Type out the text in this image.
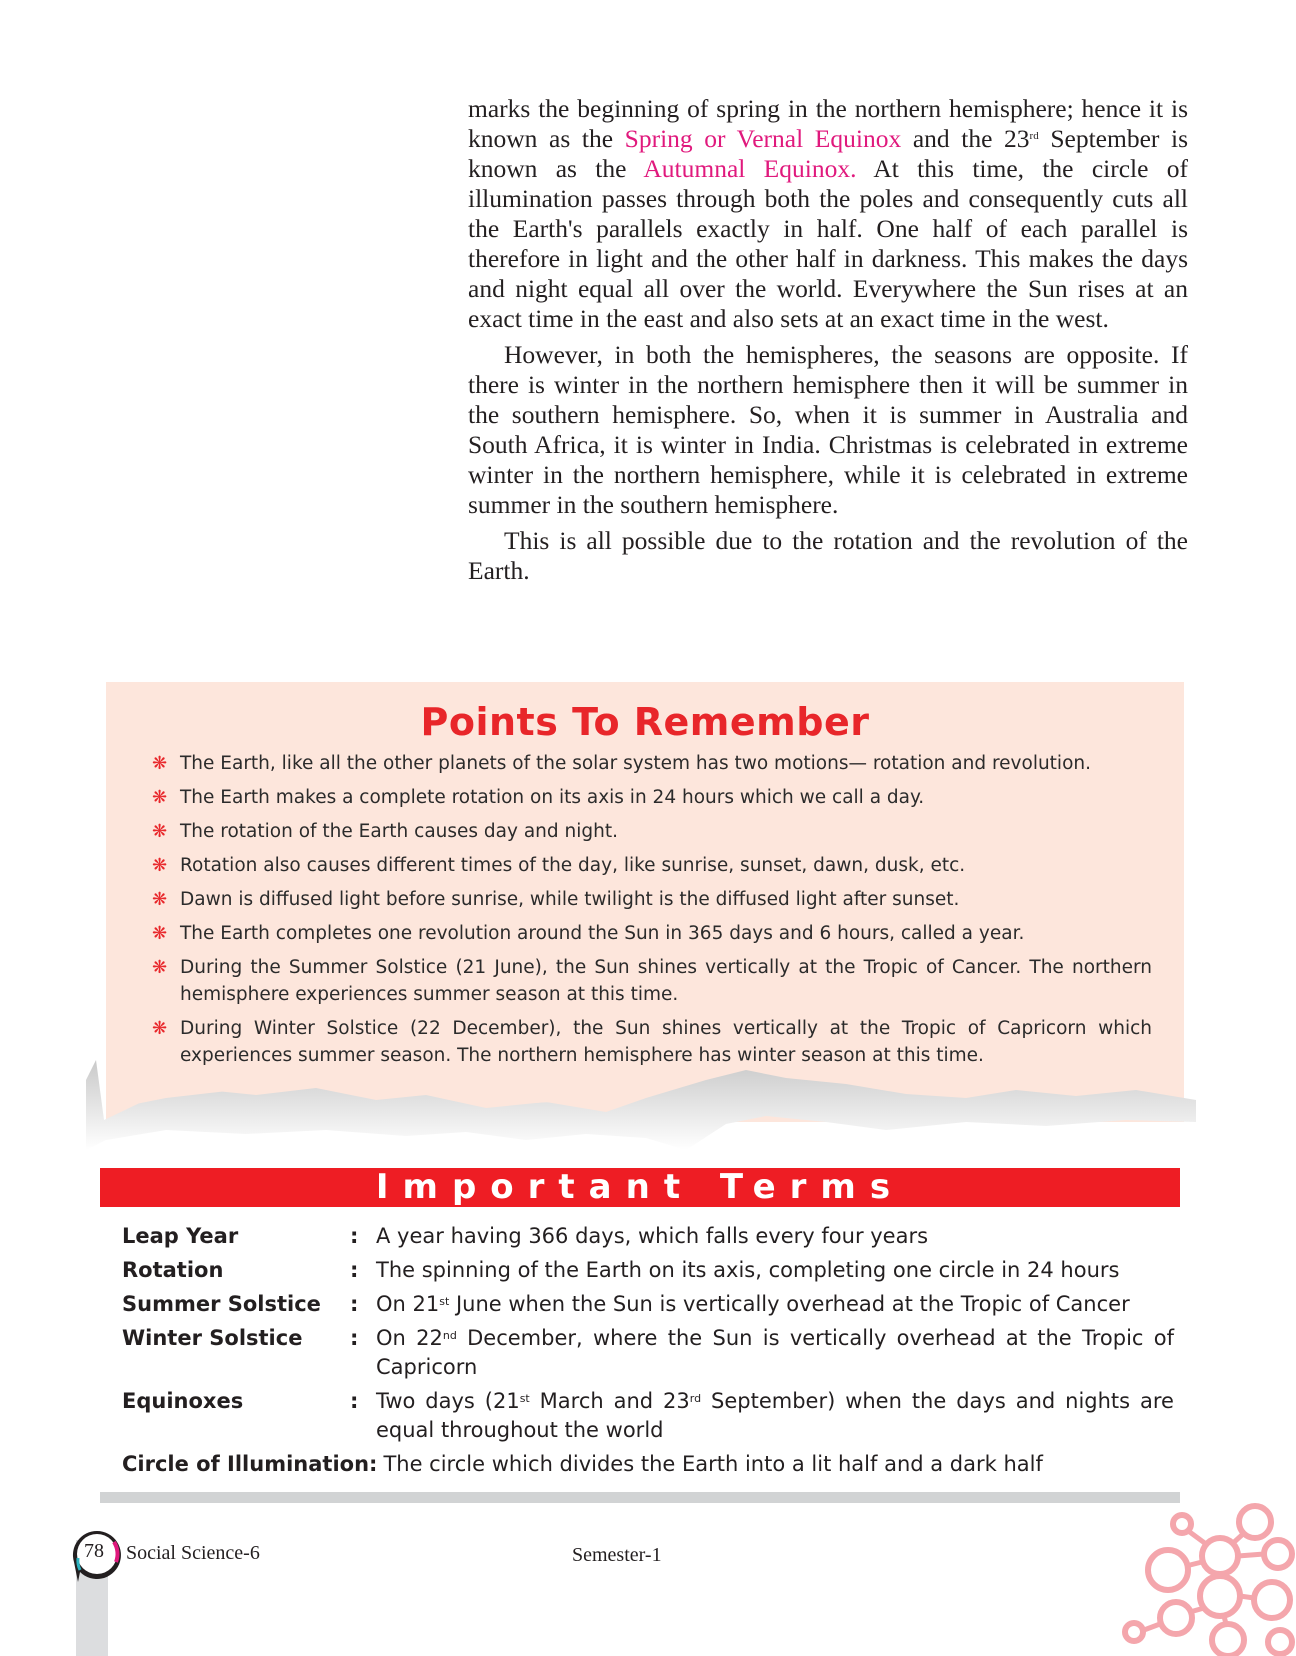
marks the beginning of spring in the northern hemisphere; hence it is known as the Spring or Vernal Equinox and the 23rd September is known as the Autumnal Equinox. At this time, the circle of illumination passes through both the poles and consequently cuts all the Earth's parallels exactly in half. One half of each parallel is therefore in light and the other half in darkness. This makes the days and night equal all over the world. Everywhere the Sun rises at an exact time in the east and also sets at an exact time in the west.

However, in both the hemispheres, the seasons are opposite. If there is winter in the northern hemisphere then it will be summer in the southern hemisphere. So, when it is summer in Australia and South Africa, it is winter in India. Christmas is celebrated in extreme winter in the northern hemisphere, while it is celebrated in extreme summer in the southern hemisphere.

This is all possible due to the rotation and the revolution of the Earth.

Points To Remember
❋ The Earth, like all the other planets of the solar system has two motions— rotation and revolution.
❋ The Earth makes a complete rotation on its axis in 24 hours which we call a day.
❋ The rotation of the Earth causes day and night.
❋ Rotation also causes different times of the day, like sunrise, sunset, dawn, dusk, etc.
❋ Dawn is diffused light before sunrise, while twilight is the diffused light after sunset.
❋ The Earth completes one revolution around the Sun in 365 days and 6 hours, called a year.
❋ During the Summer Solstice (21 June), the Sun shines vertically at the Tropic of Cancer. The northern hemisphere experiences summer season at this time.
❋ During Winter Solstice (22 December), the Sun shines vertically at the Tropic of Capricorn which experiences summer season. The northern hemisphere has winter season at this time.
Important Terms
Leap Year	: A year having 366 days, which falls every four years
Rotation	: The spinning of the Earth on its axis, completing one circle in 24 hours
Summer Solstice	: On 21st June when the Sun is vertically overhead at the Tropic of Cancer
Winter Solstice	: On 22nd December, where the Sun is vertically overhead at the Tropic of Capricorn
Equinoxes	: Two days (21st March and 23rd September) when the days and nights are equal throughout the world
Circle of Illumination : The circle which divides the Earth into a lit half and a dark half
78	Social Science-6	Semester-1
